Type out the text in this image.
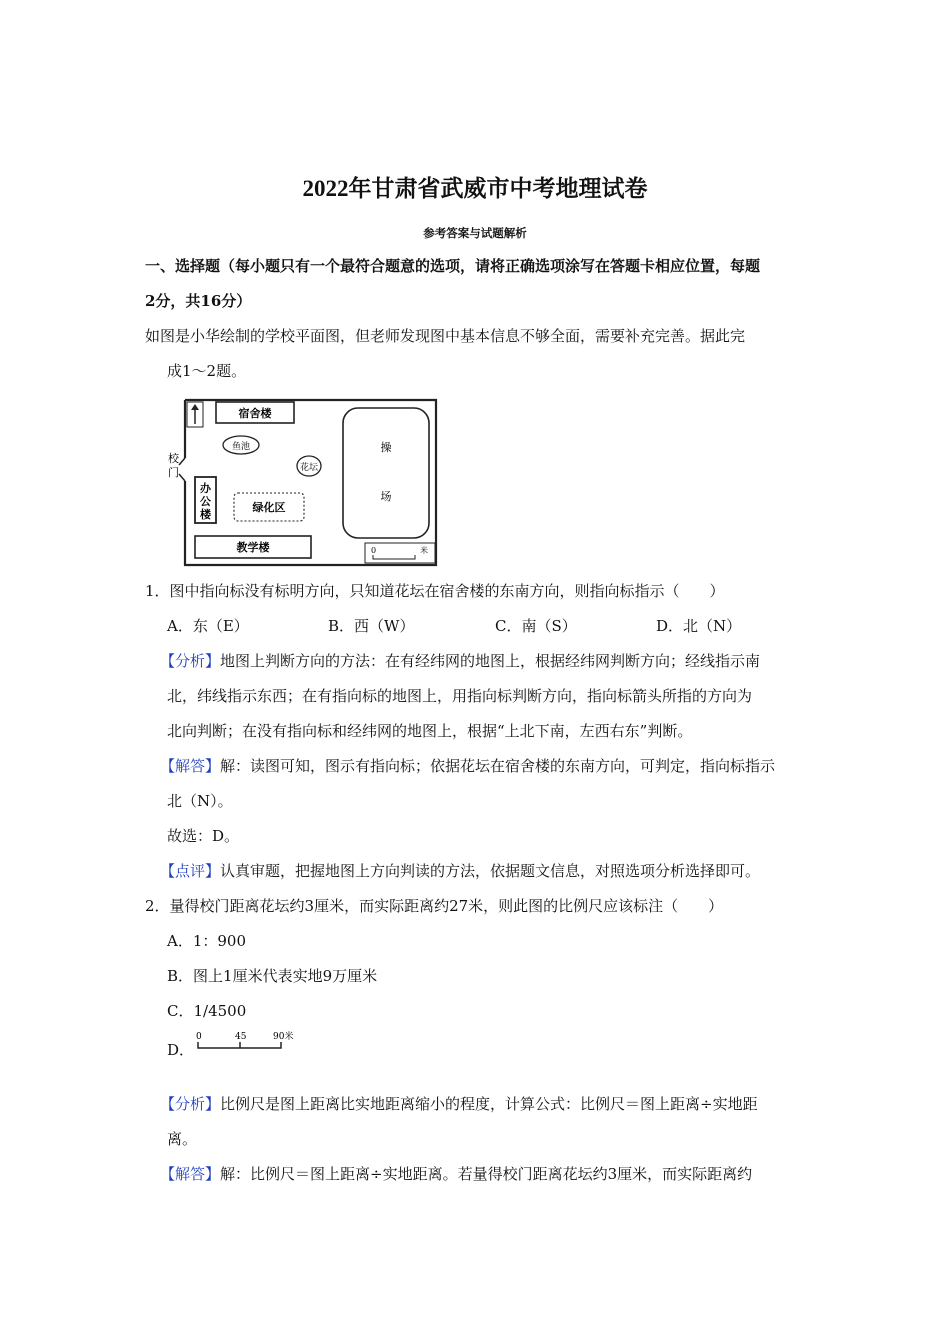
2022年甘肃省武威市中考地理试卷
参考答案与试题解析
一、选择题（每小题只有一个最符合题意的选项，请将正确选项涂写在答题卡相应位置，每题
2分，共16分）
如图是小华绘制的学校平面图，但老师发现图中基本信息不够全面，需要补充完善。据此完
成1～2题。
校
门
宿舍楼
鱼池
花坛
办
公
楼
绿化区
教学楼
操
场
0	米
1．图中指向标没有标明方向，只知道花坛在宿舍楼的东南方向，则指向标指示（　　）
A．东（E）	B．西（W）	C．南（S）	D．北（N）
【分析】地图上判断方向的方法：在有经纬网的地图上，根据经纬网判断方向；经线指示南
北，纬线指示东西；在有指向标的地图上，用指向标判断方向，指向标箭头所指的方向为
北向判断；在没有指向标和经纬网的地图上，根据“上北下南，左西右东”判断。
【解答】解：读图可知，图示有指向标；依据花坛在宿舍楼的东南方向，可判定，指向标指示
北（N）。
故选：D。
【点评】认真审题，把握地图上方向判读的方法，依据题文信息，对照选项分析选择即可。
2．量得校门距离花坛约3厘米，而实际距离约27米，则此图的比例尺应该标注（　　）
A．1：900
B．图上1厘米代表实地9万厘米
C．1/4500
D．
0	45	90米
【分析】比例尺是图上距离比实地距离缩小的程度，计算公式：比例尺＝图上距离÷实地距
离。
【解答】解：比例尺＝图上距离÷实地距离。若量得校门距离花坛约3厘米，而实际距离约
